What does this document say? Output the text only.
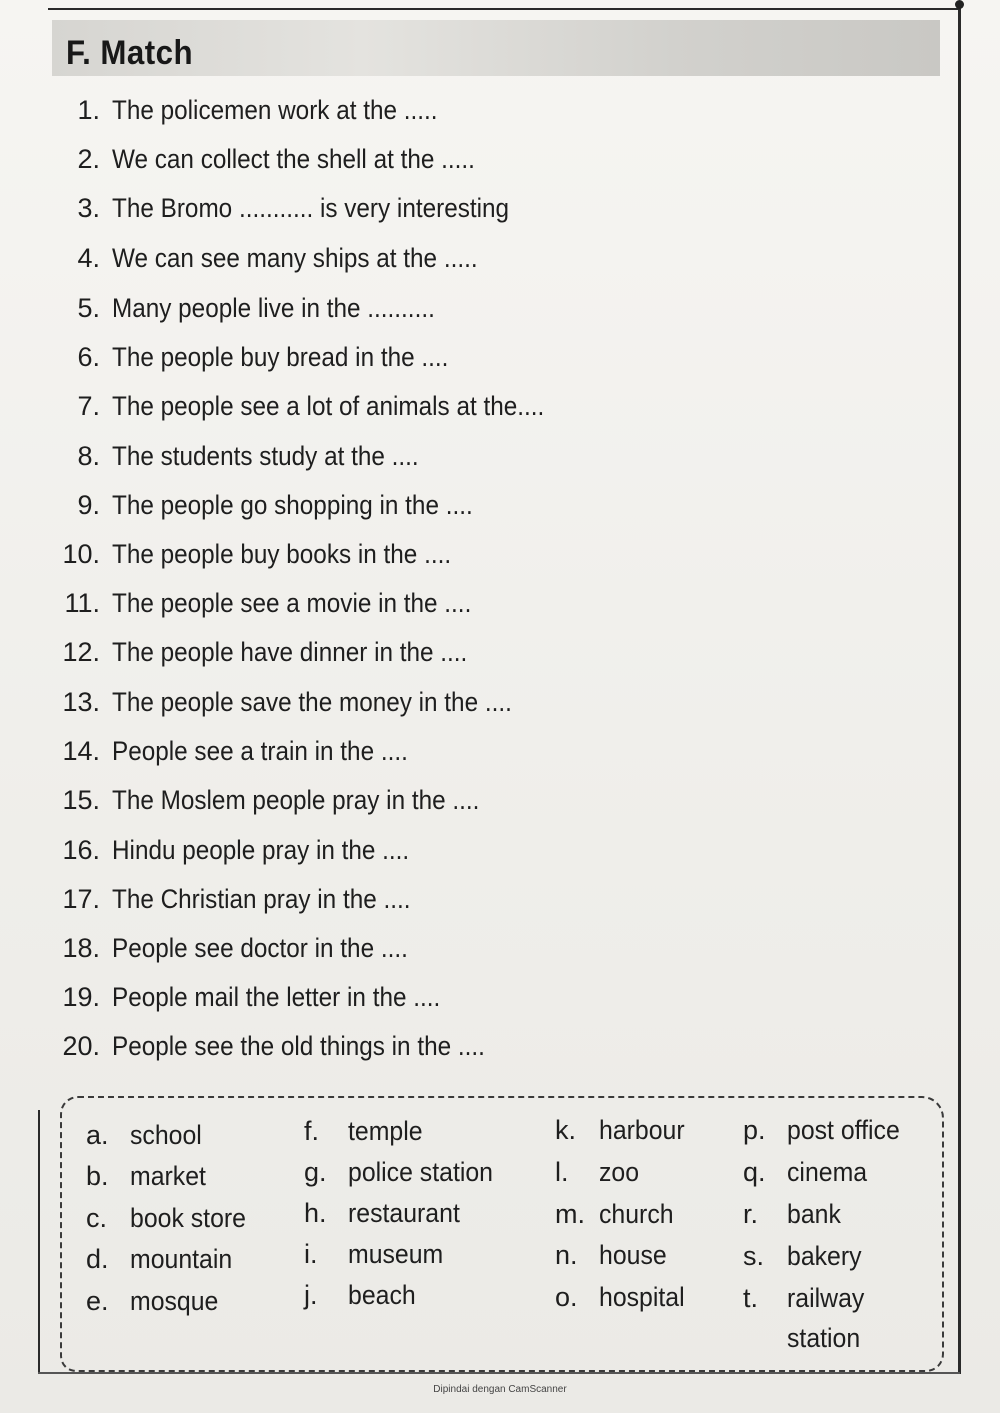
F. Match
1. The policemen work at the .....
2. We can collect the shell at the .....
3. The Bromo ........... is very interesting
4. We can see many ships at the .....
5. Many people live in the ..........
6. The people buy bread in the ....
7. The people see a lot of animals at the....
8. The students study at the ....
9. The people go shopping in the ....
10. The people buy books in the ....
11. The people see a movie in the ....
12. The people have dinner in the ....
13. The people save the money in the ....
14. People see a train in the ....
15. The Moslem people pray in the ....
16. Hindu people pray in the ....
17. The Christian pray in the ....
18. People see doctor in the ....
19. People mail the letter in the ....
20. People see the old things in the ....
a. school
b. market
c. book store
d. mountain
e. mosque
f. temple
g. police station
h. restaurant
i. museum
j. beach
k. harbour
l. zoo
m. church
n. house
o. hospital
p. post office
q. cinema
r. bank
s. bakery
t. railway
station
Dipindai dengan CamScanner
